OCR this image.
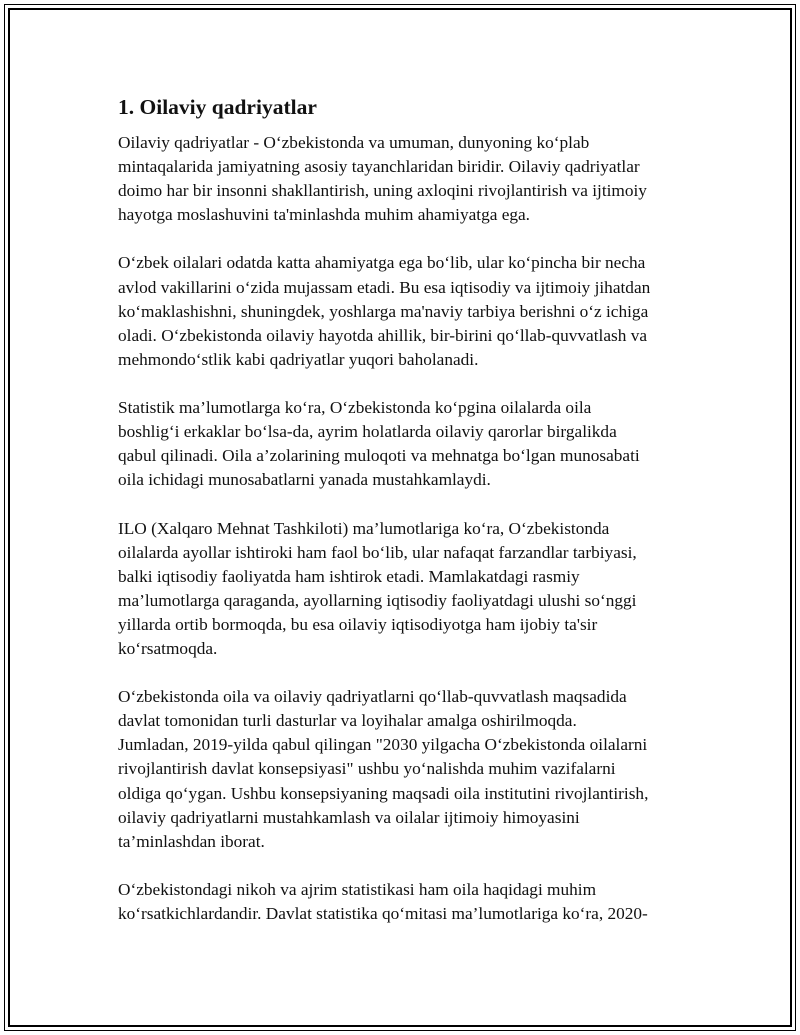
1. Oilaviy qadriyatlar

Oilaviy qadriyatlar - O‘zbekistonda va umuman, dunyoning ko‘plab
mintaqalarida jamiyatning asosiy tayanchlaridan biridir. Oilaviy qadriyatlar
doimo har bir insonni shakllantirish, uning axloqini rivojlantirish va ijtimoiy
hayotga moslashuvini ta'minlashda muhim ahamiyatga ega.

O‘zbek oilalari odatda katta ahamiyatga ega bo‘lib, ular ko‘pincha bir necha
avlod vakillarini o‘zida mujassam etadi. Bu esa iqtisodiy va ijtimoiy jihatdan
ko‘maklashishni, shuningdek, yoshlarga ma'naviy tarbiya berishni o‘z ichiga
oladi. O‘zbekistonda oilaviy hayotda ahillik, bir-birini qo‘llab-quvvatlash va
mehmondo‘stlik kabi qadriyatlar yuqori baholanadi.

Statistik ma’lumotlarga ko‘ra, O‘zbekistonda ko‘pgina oilalarda oila
boshlig‘i erkaklar bo‘lsa-da, ayrim holatlarda oilaviy qarorlar birgalikda
qabul qilinadi. Oila a’zolarining muloqoti va mehnatga bo‘lgan munosabati
oila ichidagi munosabatlarni yanada mustahkamlaydi.

ILO (Xalqaro Mehnat Tashkiloti) ma’lumotlariga ko‘ra, O‘zbekistonda
oilalarda ayollar ishtiroki ham faol bo‘lib, ular nafaqat farzandlar tarbiyasi,
balki iqtisodiy faoliyatda ham ishtirok etadi. Mamlakatdagi rasmiy
ma’lumotlarga qaraganda, ayollarning iqtisodiy faoliyatdagi ulushi so‘nggi
yillarda ortib bormoqda, bu esa oilaviy iqtisodiyotga ham ijobiy ta'sir
ko‘rsatmoqda.

O‘zbekistonda oila va oilaviy qadriyatlarni qo‘llab-quvvatlash maqsadida
davlat tomonidan turli dasturlar va loyihalar amalga oshirilmoqda.
Jumladan, 2019-yilda qabul qilingan "2030 yilgacha O‘zbekistonda oilalarni
rivojlantirish davlat konsepsiyasi" ushbu yo‘nalishda muhim vazifalarni
oldiga qo‘ygan. Ushbu konsepsiyaning maqsadi oila institutini rivojlantirish,
oilaviy qadriyatlarni mustahkamlash va oilalar ijtimoiy himoyasini
ta’minlashdan iborat.

O‘zbekistondagi nikoh va ajrim statistikasi ham oila haqidagi muhim
ko‘rsatkichlardandir. Davlat statistika qo‘mitasi ma’lumotlariga ko‘ra, 2020-
